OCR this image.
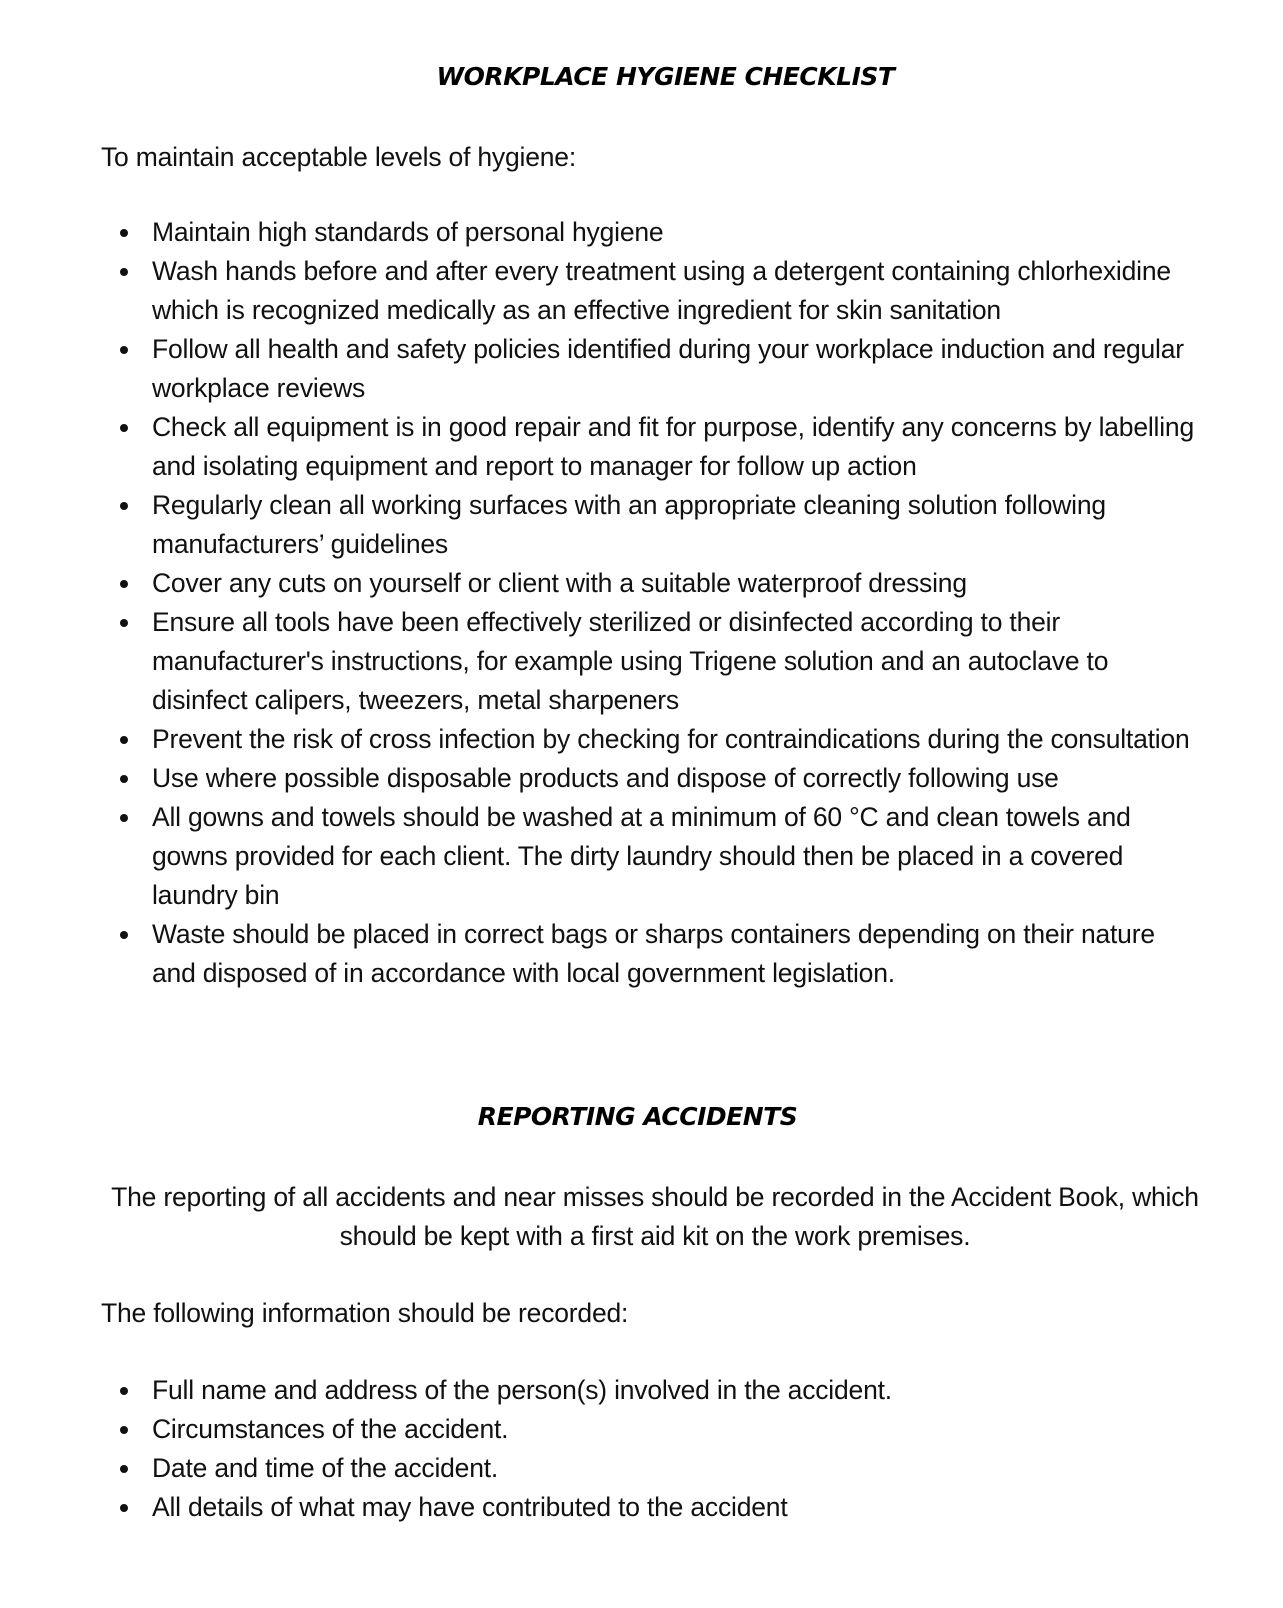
WORKPLACE HYGIENE CHECKLIST

To maintain acceptable levels of hygiene:

Maintain high standards of personal hygiene
Wash hands before and after every treatment using a detergent containing chlorhexidine which is recognized medically as an effective ingredient for skin sanitation
Follow all health and safety policies identified during your workplace induction and regular workplace reviews
Check all equipment is in good repair and fit for purpose, identify any concerns by labelling and isolating equipment and report to manager for follow up action
Regularly clean all working surfaces with an appropriate cleaning solution following manufacturers’ guidelines
Cover any cuts on yourself or client with a suitable waterproof dressing
Ensure all tools have been effectively sterilized or disinfected according to their manufacturer's instructions, for example using Trigene solution and an autoclave to disinfect calipers, tweezers, metal sharpeners
Prevent the risk of cross infection by checking for contraindications during the consultation
Use where possible disposable products and dispose of correctly following use
All gowns and towels should be washed at a minimum of 60 °C and clean towels and gowns provided for each client. The dirty laundry should then be placed in a covered laundry bin
Waste should be placed in correct bags or sharps containers depending on their nature and disposed of in accordance with local government legislation.
REPORTING ACCIDENTS

The reporting of all accidents and near misses should be recorded in the Accident Book, which should be kept with a first aid kit on the work premises.

The following information should be recorded:

Full name and address of the person(s) involved in the accident.
Circumstances of the accident.
Date and time of the accident.
All details of what may have contributed to the accident
